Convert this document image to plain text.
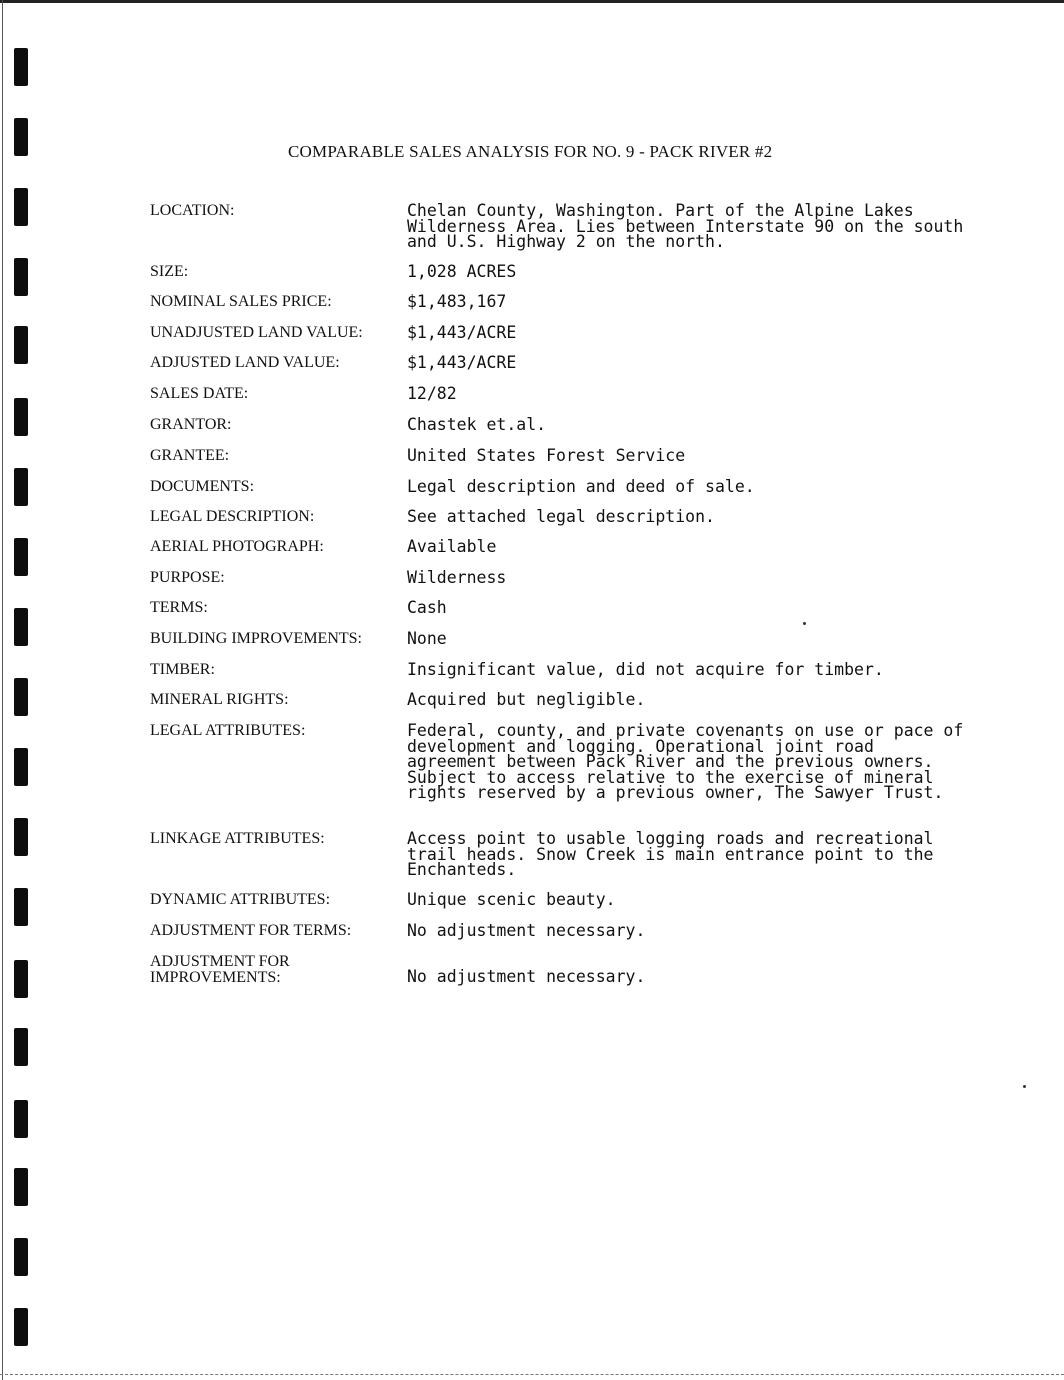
COMPARABLE SALES ANALYSIS FOR NO. 9 - PACK RIVER #2
LOCATION:	Chelan County, Washington. Part of the Alpine Lakes Wilderness Area. Lies between Interstate 90 on the south and U.S. Highway 2 on the north.
SIZE:	1,028 ACRES
NOMINAL SALES PRICE:	$1,483,167
UNADJUSTED LAND VALUE:	$1,443/ACRE
ADJUSTED LAND VALUE:	$1,443/ACRE
SALES DATE:	12/82
GRANTOR:	Chastek et.al.
GRANTEE:	United States Forest Service
DOCUMENTS:	Legal description and deed of sale.
LEGAL DESCRIPTION:	See attached legal description.
AERIAL PHOTOGRAPH:	Available
PURPOSE:	Wilderness
TERMS:	Cash
BUILDING IMPROVEMENTS:	None
TIMBER:	Insignificant value, did not acquire for timber.
MINERAL RIGHTS:	Acquired but negligible.
LEGAL ATTRIBUTES:	Federal, county, and private covenants on use or pace of development and logging. Operational joint road agreement between Pack River and the previous owners. Subject to access relative to the exercise of mineral rights reserved by a previous owner, The Sawyer Trust.
LINKAGE ATTRIBUTES:	Access point to usable logging roads and recreational trail heads. Snow Creek is main entrance point to the Enchanteds.
DYNAMIC ATTRIBUTES:	Unique scenic beauty.
ADJUSTMENT FOR TERMS:	No adjustment necessary.
ADJUSTMENT FOR
IMPROVEMENTS:	No adjustment necessary.
